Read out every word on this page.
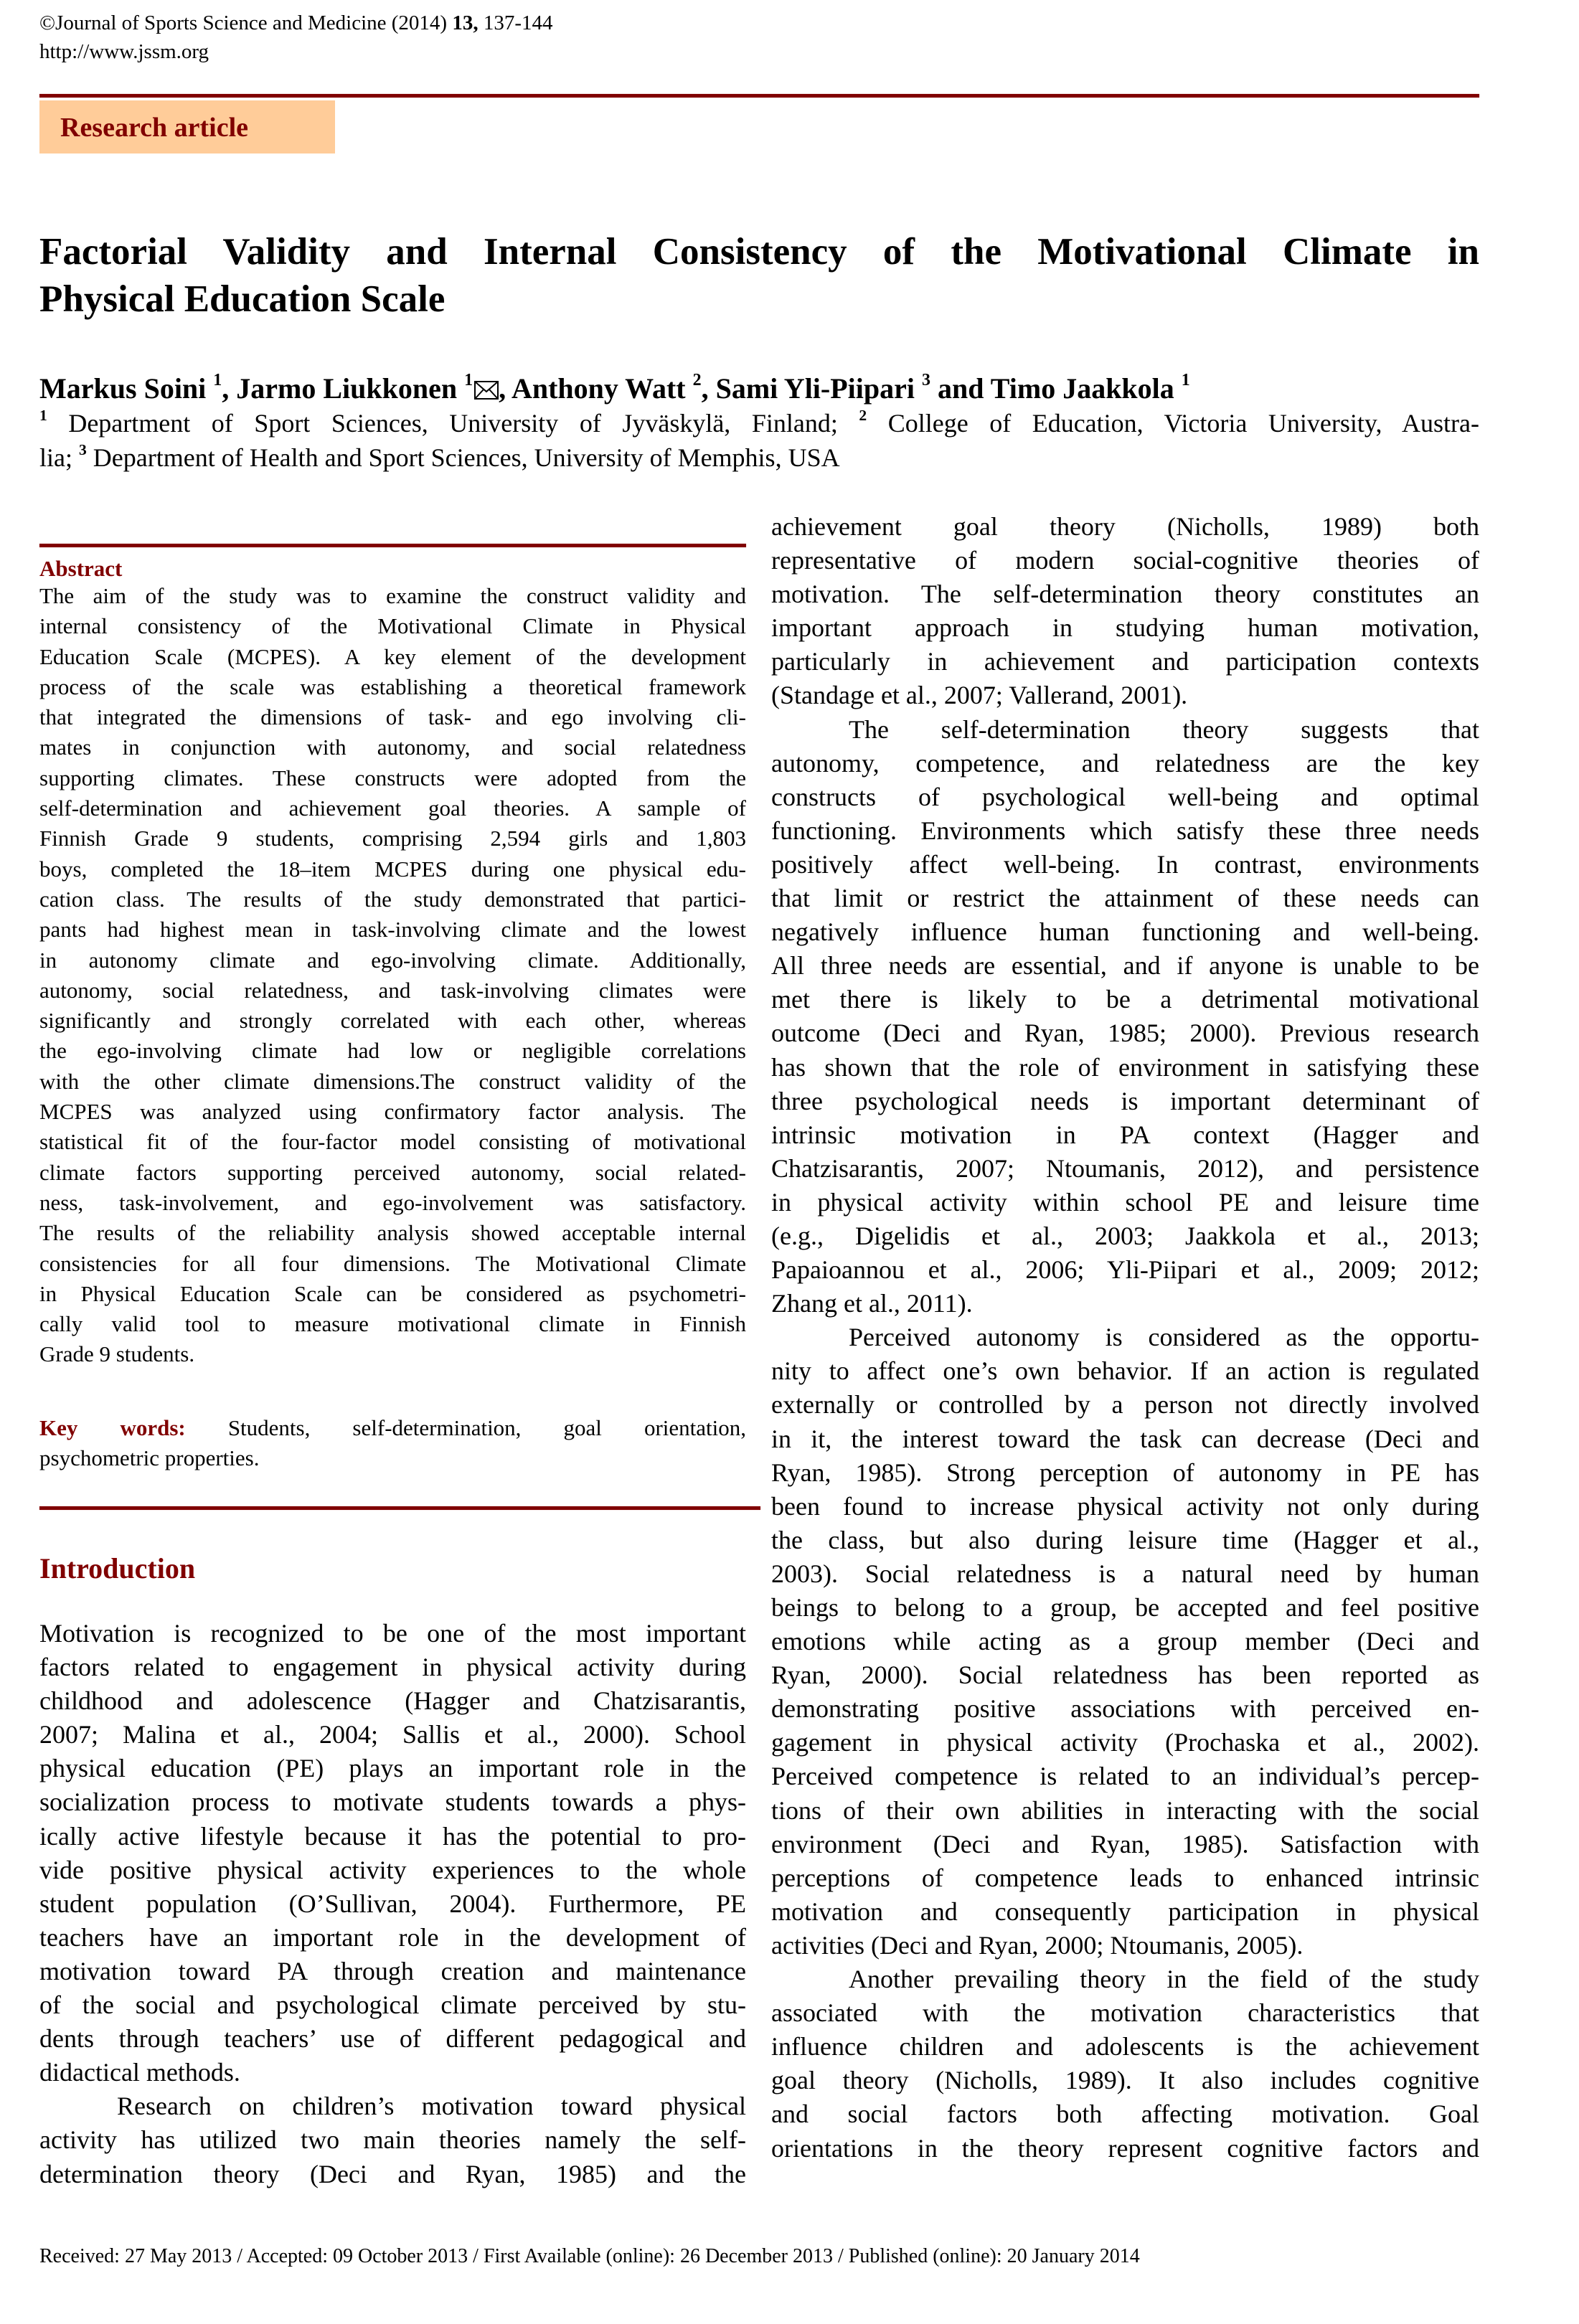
©Journal of Sports Science and Medicine (2014) 13, 137-144
http://www.jssm.org
Research article
Factorial Validity and Internal Consistency of the Motivational Climate in
Physical Education Scale
Markus Soini $^1$, Jarmo Liukkonen $^1$ , Anthony Watt $^2$, Sami Yli-Piipari $^3$ and Timo Jaakkola $^1$
$^1$ Department of Sport Sciences, University of Jyväskylä, Finland; $^2$ College of Education, Victoria University, Austra-
lia; $^3$ Department of Health and Sport Sciences, University of Memphis, USA
Abstract
The aim of the study was to examine the construct validity and
internal consistency of the Motivational Climate in Physical
Education Scale (MCPES). A key element of the development
process of the scale was establishing a theoretical framework
that integrated the dimensions of task- and ego involving cli-
mates in conjunction with autonomy, and social relatedness
supporting climates. These constructs were adopted from the
self-determination and achievement goal theories. A sample of
Finnish Grade 9 students, comprising 2,594 girls and 1,803
boys, completed the 18–item MCPES during one physical edu-
cation class. The results of the study demonstrated that partici-
pants had highest mean in task-involving climate and the lowest
in autonomy climate and ego-involving climate. Additionally,
autonomy, social relatedness, and task-involving climates were
significantly and strongly correlated with each other, whereas
the ego-involving climate had low or negligible correlations
with the other climate dimensions.The construct validity of the
MCPES was analyzed using confirmatory factor analysis. The
statistical fit of the four-factor model consisting of motivational
climate factors supporting perceived autonomy, social related-
ness, task-involvement, and ego-involvement was satisfactory.
The results of the reliability analysis showed acceptable internal
consistencies for all four dimensions. The Motivational Climate
in Physical Education Scale can be considered as psychometri-
cally valid tool to measure motivational climate in Finnish
Grade 9 students.
Key words: Students, self-determination, goal orientation,
psychometric properties.
Introduction
Motivation is recognized to be one of the most important
factors related to engagement in physical activity during
childhood and adolescence (Hagger and Chatzisarantis,
2007; Malina et al., 2004; Sallis et al., 2000). School
physical education (PE) plays an important role in the
socialization process to motivate students towards a phys-
ically active lifestyle because it has the potential to pro-
vide positive physical activity experiences to the whole
student population (O’Sullivan, 2004). Furthermore, PE
teachers have an important role in the development of
motivation toward PA through creation and maintenance
of the social and psychological climate perceived by stu-
dents through teachers’ use of different pedagogical and
didactical methods.
Research on children’s motivation toward physical
activity has utilized two main theories namely the self-
determination theory (Deci and Ryan, 1985) and the
achievement goal theory (Nicholls, 1989) both
representative of modern social-cognitive theories of
motivation. The self-determination theory constitutes an
important approach in studying human motivation,
particularly in achievement and participation contexts
(Standage et al., 2007; Vallerand, 2001).
The self-determination theory suggests that
autonomy, competence, and relatedness are the key
constructs of psychological well-being and optimal
functioning. Environments which satisfy these three needs
positively affect well-being. In contrast, environments
that limit or restrict the attainment of these needs can
negatively influence human functioning and well-being.
All three needs are essential, and if anyone is unable to be
met there is likely to be a detrimental motivational
outcome (Deci and Ryan, 1985; 2000). Previous research
has shown that the role of environment in satisfying these
three psychological needs is important determinant of
intrinsic motivation in PA context (Hagger and
Chatzisarantis, 2007; Ntoumanis, 2012), and persistence
in physical activity within school PE and leisure time
(e.g., Digelidis et al., 2003; Jaakkola et al., 2013;
Papaioannou et al., 2006; Yli-Piipari et al., 2009; 2012;
Zhang et al., 2011).
Perceived autonomy is considered as the opportu-
nity to affect one’s own behavior. If an action is regulated
externally or controlled by a person not directly involved
in it, the interest toward the task can decrease (Deci and
Ryan, 1985). Strong perception of autonomy in PE has
been found to increase physical activity not only during
the class, but also during leisure time (Hagger et al.,
2003). Social relatedness is a natural need by human
beings to belong to a group, be accepted and feel positive
emotions while acting as a group member (Deci and
Ryan, 2000). Social relatedness has been reported as
demonstrating positive associations with perceived en-
gagement in physical activity (Prochaska et al., 2002).
Perceived competence is related to an individual’s percep-
tions of their own abilities in interacting with the social
environment (Deci and Ryan, 1985). Satisfaction with
perceptions of competence leads to enhanced intrinsic
motivation and consequently participation in physical
activities (Deci and Ryan, 2000; Ntoumanis, 2005).
Another prevailing theory in the field of the study
associated with the motivation characteristics that
influence children and adolescents is the achievement
goal theory (Nicholls, 1989). It also includes cognitive
and social factors both affecting motivation. Goal
orientations in the theory represent cognitive factors and
Received: 27 May 2013 / Accepted: 09 October 2013 / First Available (online): 26 December 2013 / Published (online): 20 January 2014
